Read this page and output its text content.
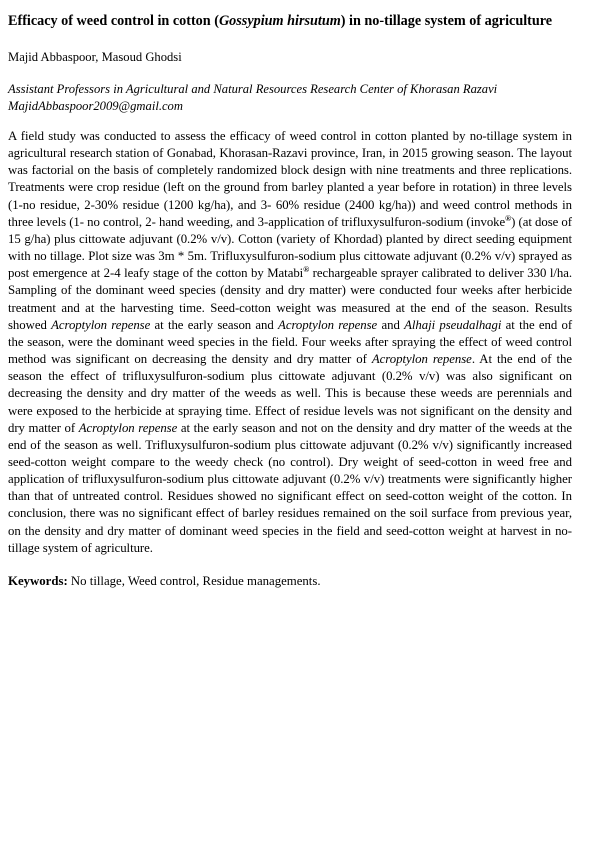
Efficacy of weed control in cotton (Gossypium hirsutum) in no-tillage system of agriculture

Majid Abbaspoor, Masoud Ghodsi

Assistant Professors in Agricultural and Natural Resources Research Center of Khorasan Razavi
MajidAbbaspoor2009@gmail.com

A field study was conducted to assess the efficacy of weed control in cotton planted by no-tillage system in agricultural research station of Gonabad, Khorasan-Razavi province, Iran, in 2015 growing season. The layout was factorial on the basis of completely randomized block design with nine treatments and three replications. Treatments were crop residue (left on the ground from barley planted a year before in rotation) in three levels (1-no residue, 2-30% residue (1200 kg/ha), and 3- 60% residue (2400 kg/ha)) and weed control methods in three levels (1- no control, 2- hand weeding, and 3-application of trifluxysulfuron-sodium (invoke®) (at dose of 15 g/ha) plus cittowate adjuvant (0.2% v/v). Cotton (variety of Khordad) planted by direct seeding equipment with no tillage. Plot size was 3m * 5m. Trifluxysulfuron-sodium plus cittowate adjuvant (0.2% v/v) sprayed as post emergence at 2-4 leafy stage of the cotton by Matabi® rechargeable sprayer calibrated to deliver 330 l/ha. Sampling of the dominant weed species (density and dry matter) were conducted four weeks after herbicide treatment and at the harvesting time. Seed-cotton weight was measured at the end of the season. Results showed Acroptylon repense at the early season and Acroptylon repense and Alhaji pseudalhagi at the end of the season, were the dominant weed species in the field. Four weeks after spraying the effect of weed control method was significant on decreasing the density and dry matter of Acroptylon repense. At the end of the season the effect of trifluxysulfuron-sodium plus cittowate adjuvant (0.2% v/v) was also significant on decreasing the density and dry matter of the weeds as well. This is because these weeds are perennials and were exposed to the herbicide at spraying time. Effect of residue levels was not significant on the density and dry matter of Acroptylon repense at the early season and not on the density and dry matter of the weeds at the end of the season as well. Trifluxysulfuron-sodium plus cittowate adjuvant (0.2% v/v) significantly increased seed-cotton weight compare to the weedy check (no control). Dry weight of seed-cotton in weed free and application of trifluxysulfuron-sodium plus cittowate adjuvant (0.2% v/v) treatments were significantly higher than that of untreated control. Residues showed no significant effect on seed-cotton weight of the cotton. In conclusion, there was no significant effect of barley residues remained on the soil surface from previous year, on the density and dry matter of dominant weed species in the field and seed-cotton weight at harvest in no-tillage system of agriculture.

Keywords: No tillage, Weed control, Residue managements.
